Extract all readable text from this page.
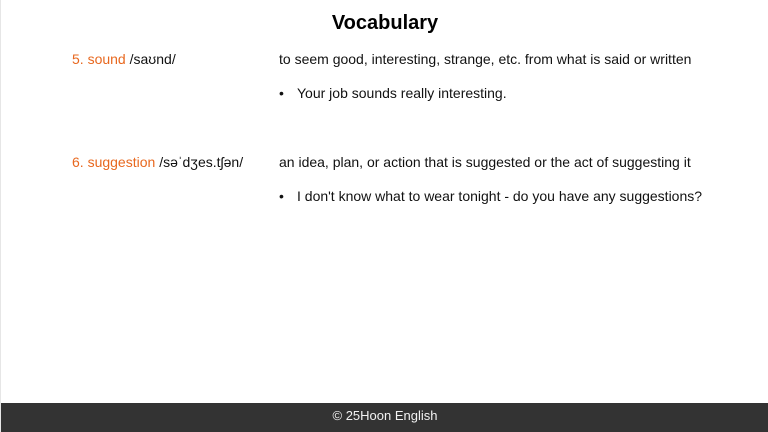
Vocabulary
5. sound /saʊnd/	to seem good, interesting, strange, etc. from what is said or written
• Your job sounds really interesting.
6. suggestion /səˈdʒes.tʃən/	an idea, plan, or action that is suggested or the act of suggesting it
• I don't know what to wear tonight - do you have any suggestions?
© 25Hoon English
